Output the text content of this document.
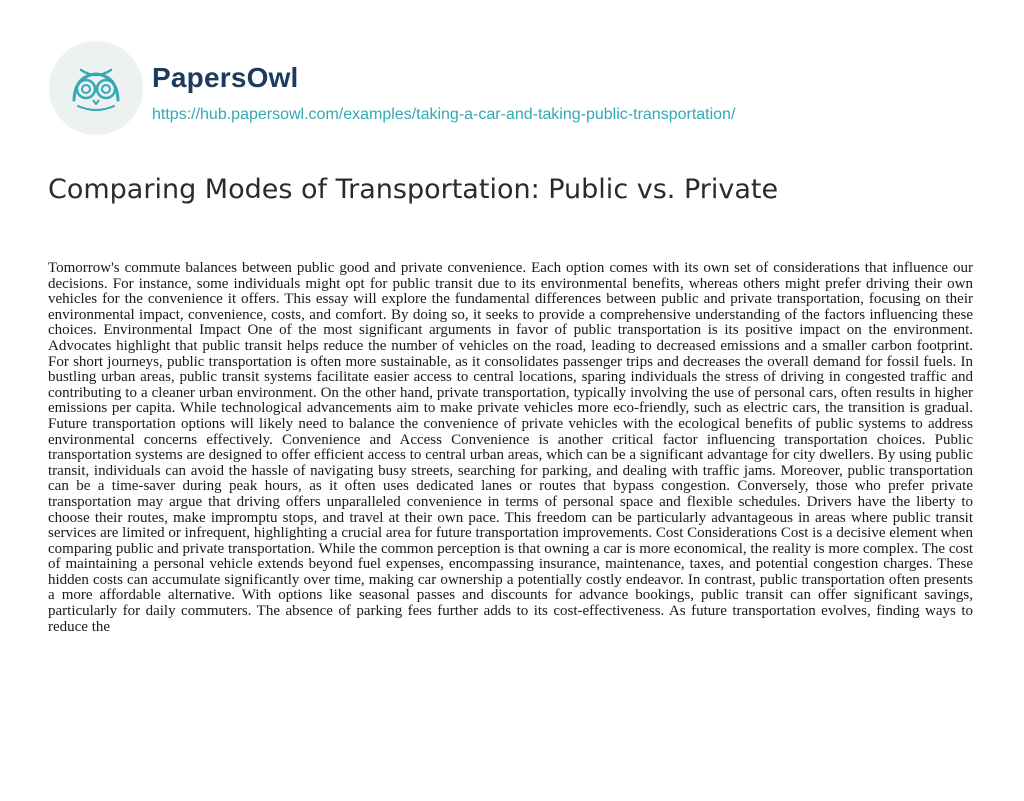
PapersOwl
https://hub.papersowl.com/examples/taking-a-car-and-taking-public-transportation/
Comparing Modes of Transportation: Public vs. Private

Tomorrow's commute balances between public good and private convenience. Each option comes with its own set of considerations that influence our decisions. For instance, some individuals might opt for public transit due to its environmental benefits, whereas others might prefer driving their own vehicles for the convenience it offers. This essay will explore the fundamental differences between public and private transportation, focusing on their environmental impact, convenience, costs, and comfort. By doing so, it seeks to provide a comprehensive understanding of the factors influencing these choices. Environmental Impact One of the most significant arguments in favor of public transportation is its positive impact on the environment. Advocates highlight that public transit helps reduce the number of vehicles on the road, leading to decreased emissions and a smaller carbon footprint. For short journeys, public transportation is often more sustainable, as it consolidates passenger trips and decreases the overall demand for fossil fuels. In bustling urban areas, public transit systems facilitate easier access to central locations, sparing individuals the stress of driving in congested traffic and contributing to a cleaner urban environment. On the other hand, private transportation, typically involving the use of personal cars, often results in higher emissions per capita. While technological advancements aim to make private vehicles more eco-friendly, such as electric cars, the transition is gradual. Future transportation options will likely need to balance the convenience of private vehicles with the ecological benefits of public systems to address environmental concerns effectively. Convenience and Access Convenience is another critical factor influencing transportation choices. Public transportation systems are designed to offer efficient access to central urban areas, which can be a significant advantage for city dwellers. By using public transit, individuals can avoid the hassle of navigating busy streets, searching for parking, and dealing with traffic jams. Moreover, public transportation can be a time-saver during peak hours, as it often uses dedicated lanes or routes that bypass congestion. Conversely, those who prefer private transportation may argue that driving offers unparalleled convenience in terms of personal space and flexible schedules. Drivers have the liberty to choose their routes, make impromptu stops, and travel at their own pace. This freedom can be particularly advantageous in areas where public transit services are limited or infrequent, highlighting a crucial area for future transportation improvements. Cost Considerations Cost is a decisive element when comparing public and private transportation. While the common perception is that owning a car is more economical, the reality is more complex. The cost of maintaining a personal vehicle extends beyond fuel expenses, encompassing insurance, maintenance, taxes, and potential congestion charges. These hidden costs can accumulate significantly over time, making car ownership a potentially costly endeavor. In contrast, public transportation often presents a more affordable alternative. With options like seasonal passes and discounts for advance bookings, public transit can offer significant savings, particularly for daily commuters. The absence of parking fees further adds to its cost-effectiveness. As future transportation evolves, finding ways to reduce the
